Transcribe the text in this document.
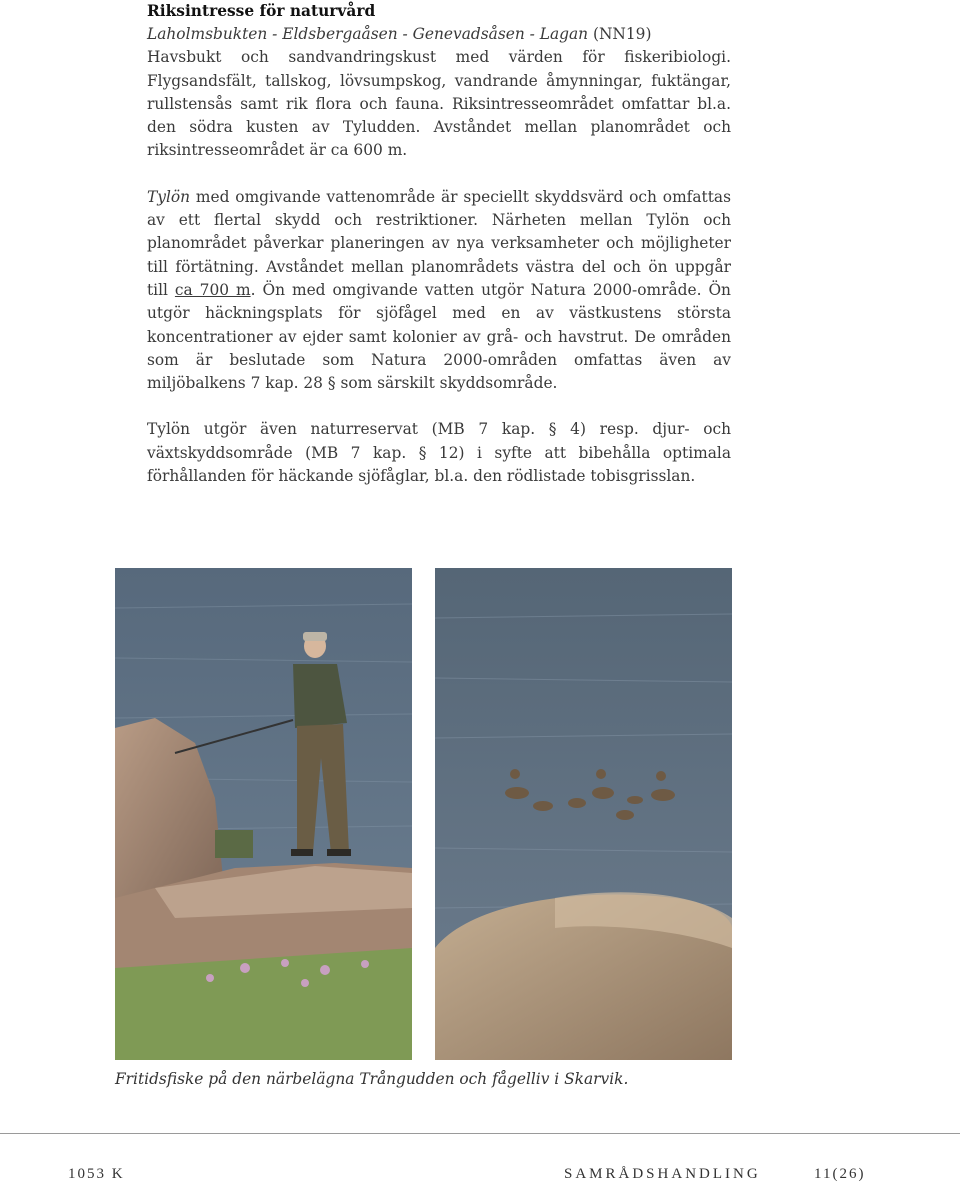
Riksintresse för naturvård

Laholmsbukten - Eldsbergaåsen - Genevadsåsen - Lagan (NN19)

Havsbukt och sandvandringskust med värden för fiskeribiologi. Flygsandsfält, tallskog, lövsumpskog, vandrande åmynningar, fuktängar, rullstensås samt rik flora och fauna. Riksintresseområdet omfattar bl.a. den södra kusten av Tyludden. Avståndet mellan planområdet och riksintresseområdet är ca 600 m.

Tylön med omgivande vattenområde är speciellt skyddsvärd och omfattas av ett flertal skydd och restriktioner. Närheten mellan Tylön och planområdet påverkar planeringen av nya verksamheter och möjligheter till förtätning. Avståndet mellan planområdets västra del och ön uppgår till ca 700 m. Ön med omgivande vatten utgör Natura 2000-område. Ön utgör häckningsplats för sjöfågel med en av västkustens största koncentrationer av ejder samt kolonier av grå- och havstrut. De områden som är beslutade som Natura 2000-områden omfattas även av miljöbalkens 7 kap. 28 § som särskilt skyddsområde.

Tylön utgör även naturreservat (MB 7 kap. § 4) resp. djur- och växtskyddsområde (MB 7 kap. § 12) i syfte att bibehålla optimala förhållanden för häckande sjöfåglar, bl.a. den rödlistade tobisgrisslan.

Fritidsfiske på den närbelägna Trångudden och fågelliv i Skarvik.
1053 K	SAMRÅDSHANDLING	11(26)
